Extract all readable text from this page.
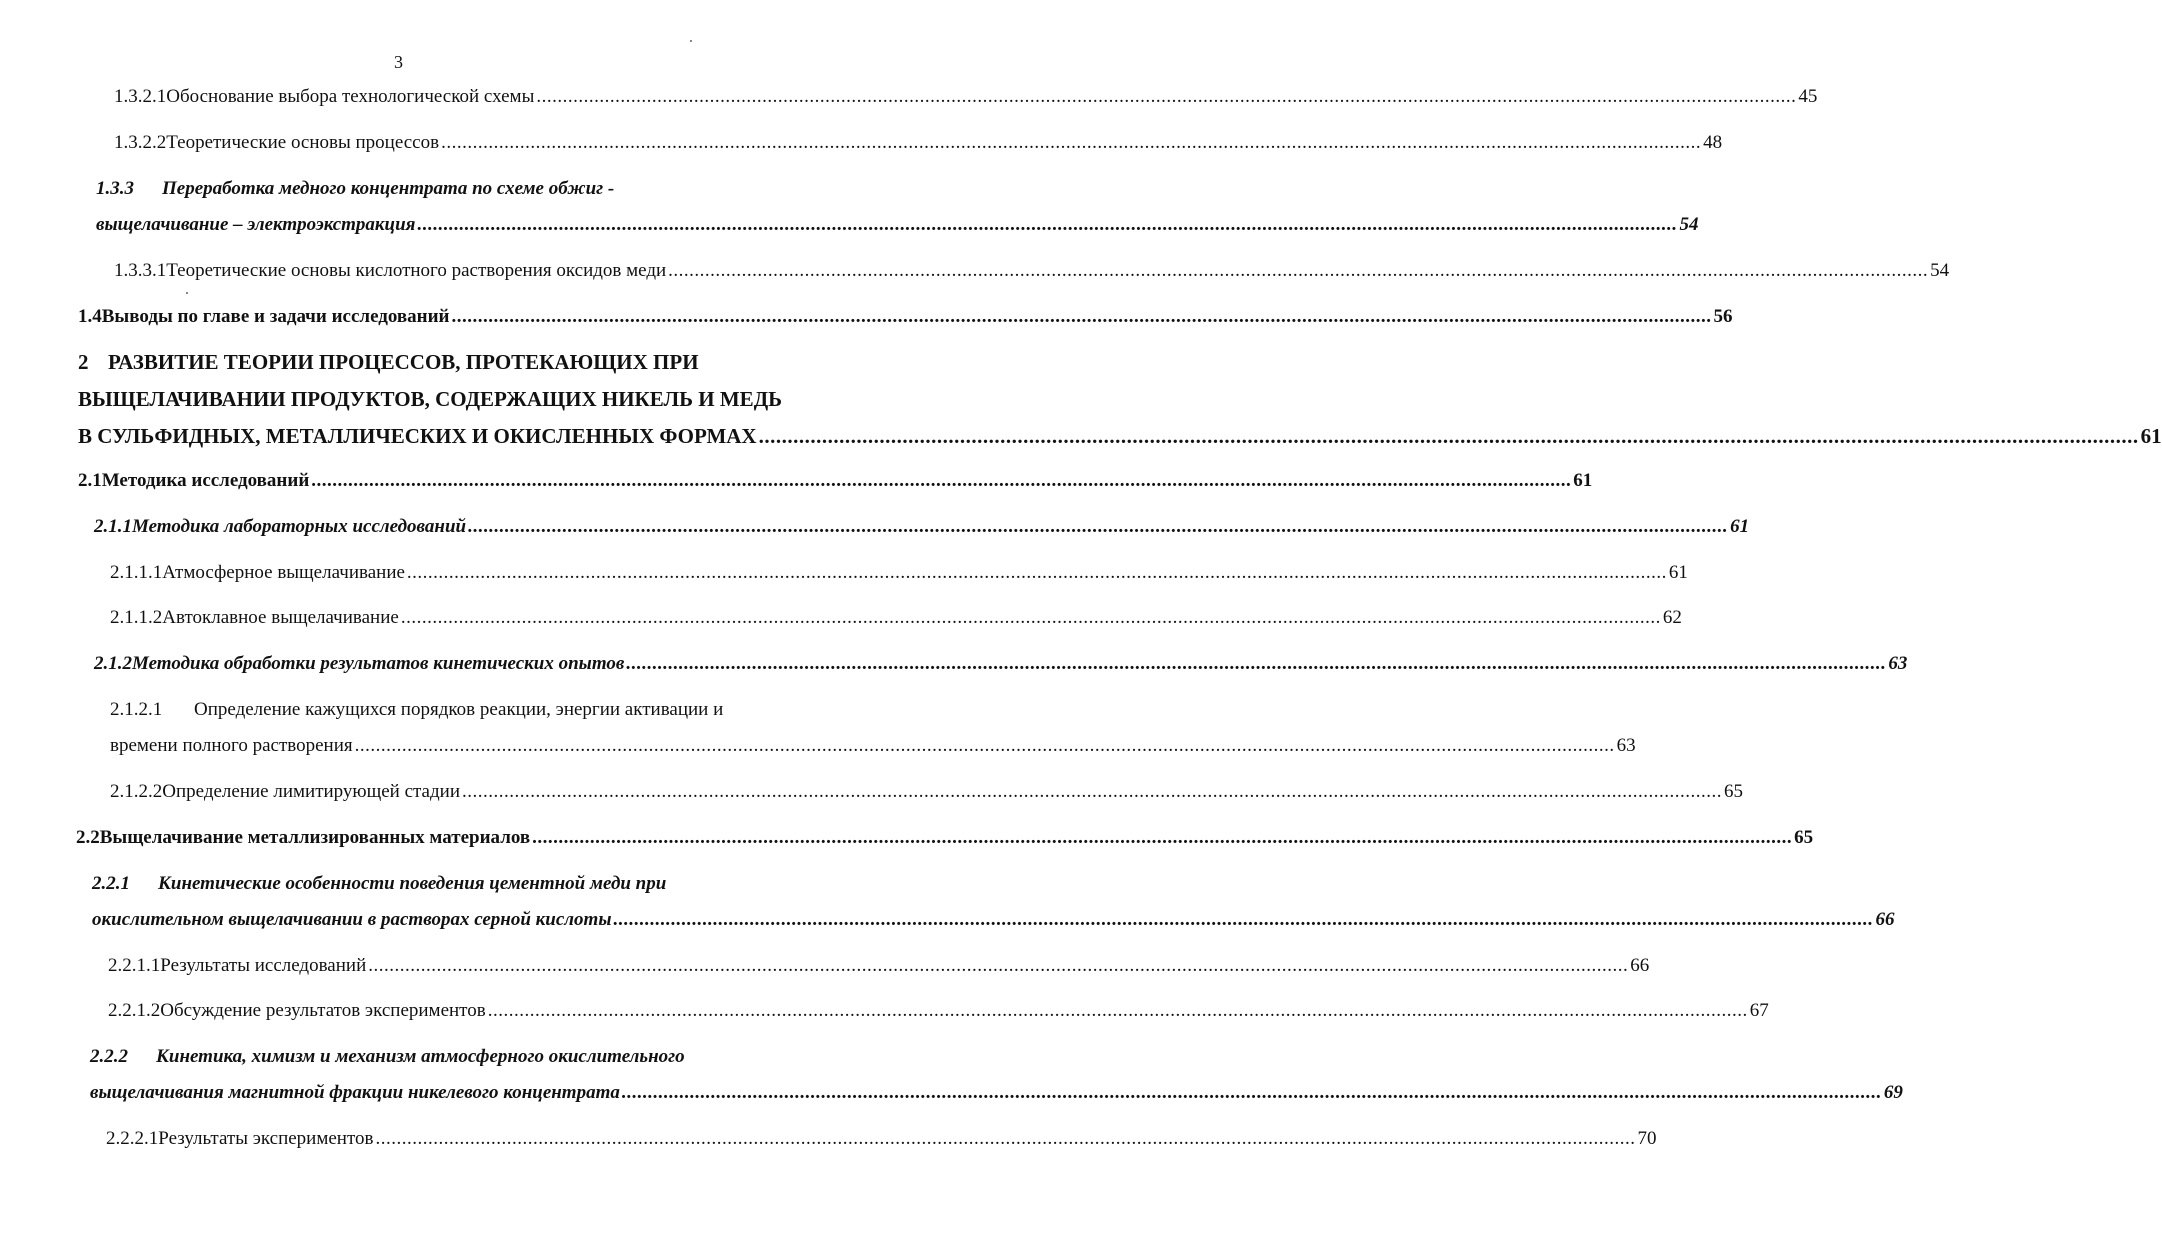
3
1.3.2.1 Обоснование выбора технологической схемы .....	45
1.3.2.2 Теоретические основы процессов .....	48
1.3.3 Переработка медного концентрата по схеме обжиг -
выщелачивание – электроэкстракция .....	54
1.3.3.1 Теоретические основы кислотного растворения оксидов меди .....	54
1.4 Выводы по главе и задачи исследований .....	56
2 РАЗВИТИЕ ТЕОРИИ ПРОЦЕССОВ, ПРОТЕКАЮЩИХ ПРИ
ВЫЩЕЛАЧИВАНИИ ПРОДУКТОВ, СОДЕРЖАЩИХ НИКЕЛЬ И МЕДЬ
В СУЛЬФИДНЫХ, МЕТАЛЛИЧЕСКИХ И ОКИСЛЕННЫХ ФОРМАХ .....	61
2.1 Методика исследований .....	61
2.1.1 Методика лабораторных исследований .....	61
2.1.1.1 Атмосферное выщелачивание .....	61
2.1.1.2 Автоклавное выщелачивание .....	62
2.1.2 Методика обработки результатов кинетических опытов .....	63
2.1.2.1 Определение кажущихся порядков реакции, энергии активации и
времени полного растворения .....	63
2.1.2.2 Определение лимитирующей стадии .....	65
2.2 Выщелачивание металлизированных материалов .....	65
2.2.1 Кинетические особенности поведения цементной меди при
окислительном выщелачивании в растворах серной кислоты .....	66
2.2.1.1 Результаты исследований .....	66
2.2.1.2 Обсуждение результатов экспериментов .....	67
2.2.2 Кинетика, химизм и механизм атмосферного окислительного
выщелачивания магнитной фракции никелевого концентрата .....	69
2.2.2.1 Результаты экспериментов .....	70
